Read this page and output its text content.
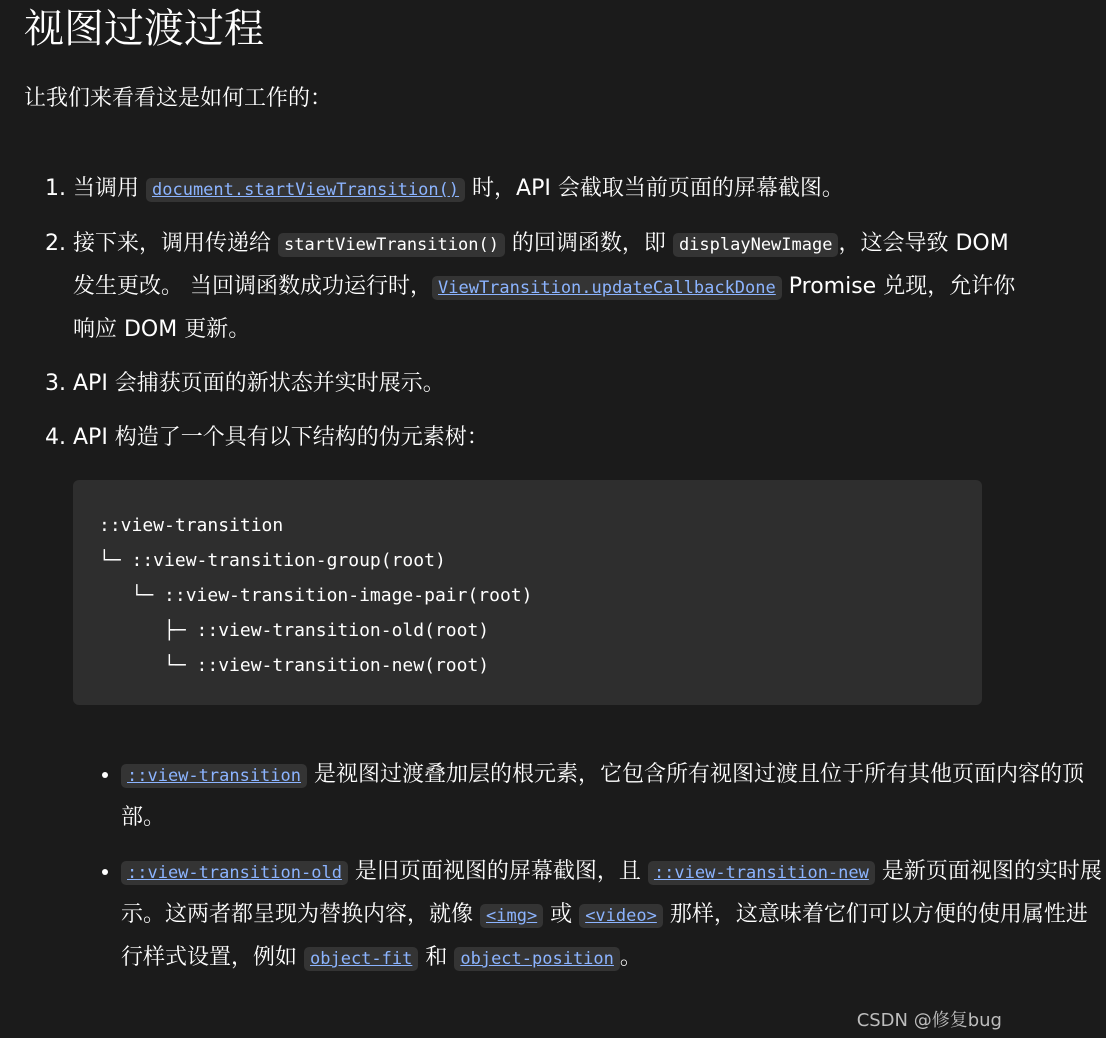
视图过渡过程

让我们来看看这是如何工作的：

1. 当调用 document.startViewTransition() 时，API 会截取当前页面的屏幕截图。
2. 接下来，调用传递给 startViewTransition() 的回调函数，即 displayNewImage ，这会导致 DOM 发生更改。 当回调函数成功运行时， ViewTransition.updateCallbackDone Promise 兑现，允许你响应 DOM 更新。
3. API 会捕获页面的新状态并实时展示。
4. API 构造了一个具有以下结构的伪元素树：
::view-transition
└─ ::view-transition-group(root)
└─ ::view-transition-image-pair(root)
├─ ::view-transition-old(root)
└─ ::view-transition-new(root)
• ::view-transition 是视图过渡叠加层的根元素，它包含所有视图过渡且位于所有其他页面内容的顶部。
• ::view-transition-old 是旧页面视图的屏幕截图，且 ::view-transition-new 是新页面视图的实时展示。这两者都呈现为替换内容，就像 <img> 或 <video> 那样，这意味着它们可以方便的使用属性进行样式设置，例如 object-fit 和 object-position 。
CSDN @修复bug
